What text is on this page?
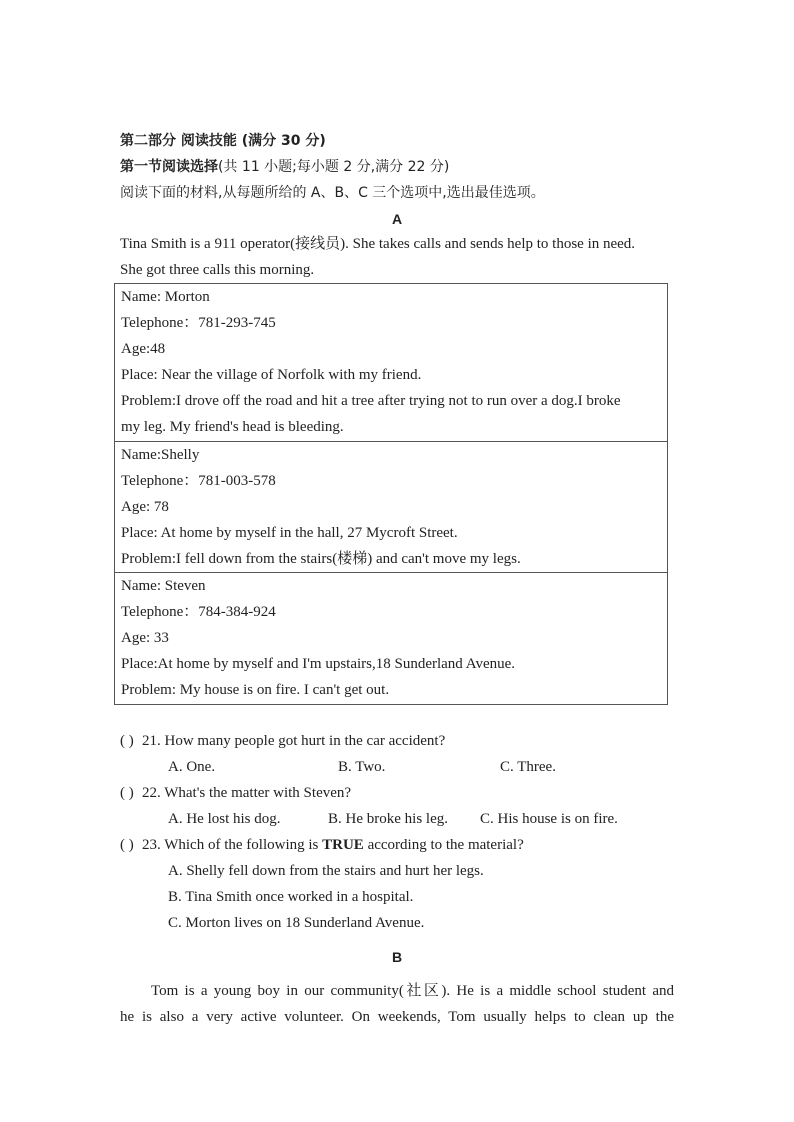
第二部分 阅读技能 (满分 30 分)
第一节阅读选择(共 11 小题;每小题 2 分,满分 22 分)
阅读下面的材料,从每题所给的 A、B、C 三个选项中,选出最佳选项。
A
Tina Smith is a 911 operator(接线员). She takes calls and sends help to those in need.
She got three calls this morning.
Name: Morton
Telephone：781-293-745
Age:48
Place: Near the village of Norfolk with my friend.
Problem:I drove off the road and hit a tree after trying not to run over a dog.I broke
my leg. My friend's head is bleeding.

Name:Shelly
Telephone：781-003-578
Age: 78
Place: At home by myself in the hall, 27 Mycroft Street.
Problem:I fell down from the stairs(楼梯) and can't move my legs.

Name: Steven
Telephone：784-384-924
Age: 33
Place:At home by myself and I'm upstairs,18 Sunderland Avenue.
Problem: My house is on fire. I can't get out.
( ) 21. How many people got hurt in the car accident?
A. One.	B. Two.	C. Three.
( ) 22. What's the matter with Steven?
A. He lost his dog.	B. He broke his leg. C. His house is on fire.
( ) 23. Which of the following is TRUE according to the material?
A. Shelly fell down from the stairs and hurt her legs.
B. Tina Smith once worked in a hospital.
C. Morton lives on 18 Sunderland Avenue.
B
Tom is a young boy in our community(社区). He is a middle school student and
he is also a very active volunteer. On weekends, Tom usually helps to clean up the
